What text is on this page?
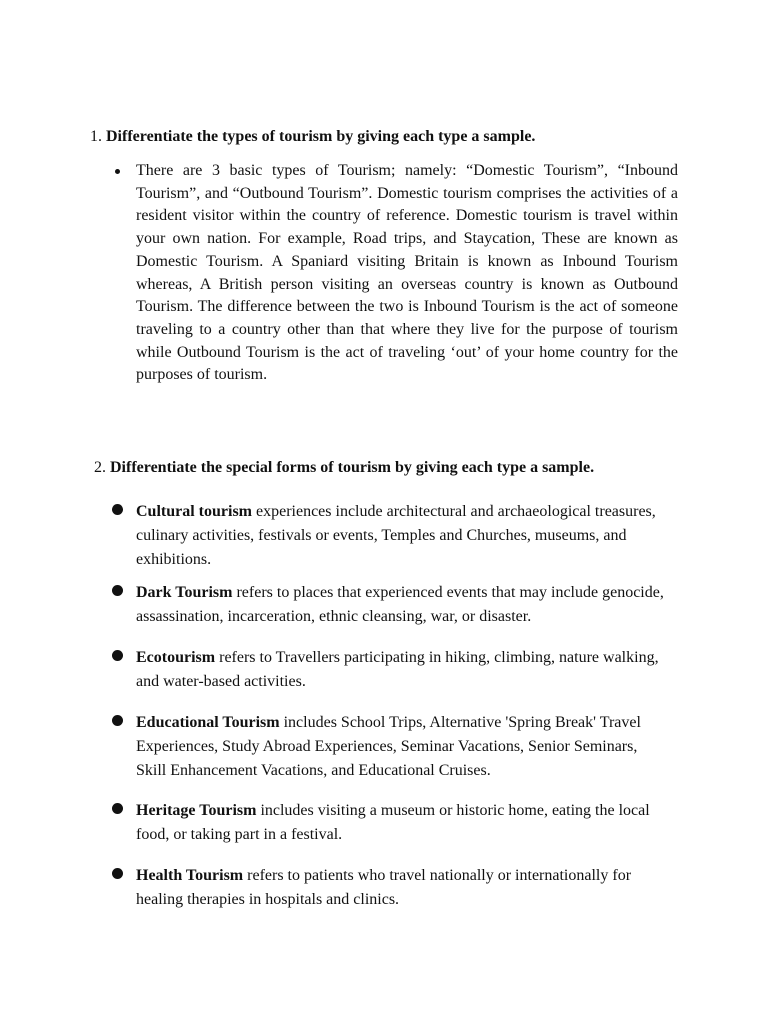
1. Differentiate the types of tourism by giving each type a sample.
There are 3 basic types of Tourism; namely: “Domestic Tourism”, “Inbound Tourism”, and “Outbound Tourism”. Domestic tourism comprises the activities of a resident visitor within the country of reference. Domestic tourism is travel within your own nation. For example, Road trips, and Staycation, These are known as Domestic Tourism. A Spaniard visiting Britain is known as Inbound Tourism whereas, A British person visiting an overseas country is known as Outbound Tourism. The difference between the two is Inbound Tourism is the act of someone traveling to a country other than that where they live for the purpose of tourism while Outbound Tourism is the act of traveling ‘out’ of your home country for the purposes of tourism.
2. Differentiate the special forms of tourism by giving each type a sample.
Cultural tourism experiences include architectural and archaeological treasures, culinary activities, festivals or events, Temples and Churches, museums, and exhibitions.
Dark Tourism refers to places that experienced events that may include genocide, assassination, incarceration, ethnic cleansing, war, or disaster.
Ecotourism refers to Travellers participating in hiking, climbing, nature walking, and water-based activities.
Educational Tourism includes School Trips, Alternative 'Spring Break' Travel Experiences, Study Abroad Experiences, Seminar Vacations, Senior Seminars, Skill Enhancement Vacations, and Educational Cruises.
Heritage Tourism includes visiting a museum or historic home, eating the local food, or taking part in a festival.
Health Tourism refers to patients who travel nationally or internationally for healing therapies in hospitals and clinics.
